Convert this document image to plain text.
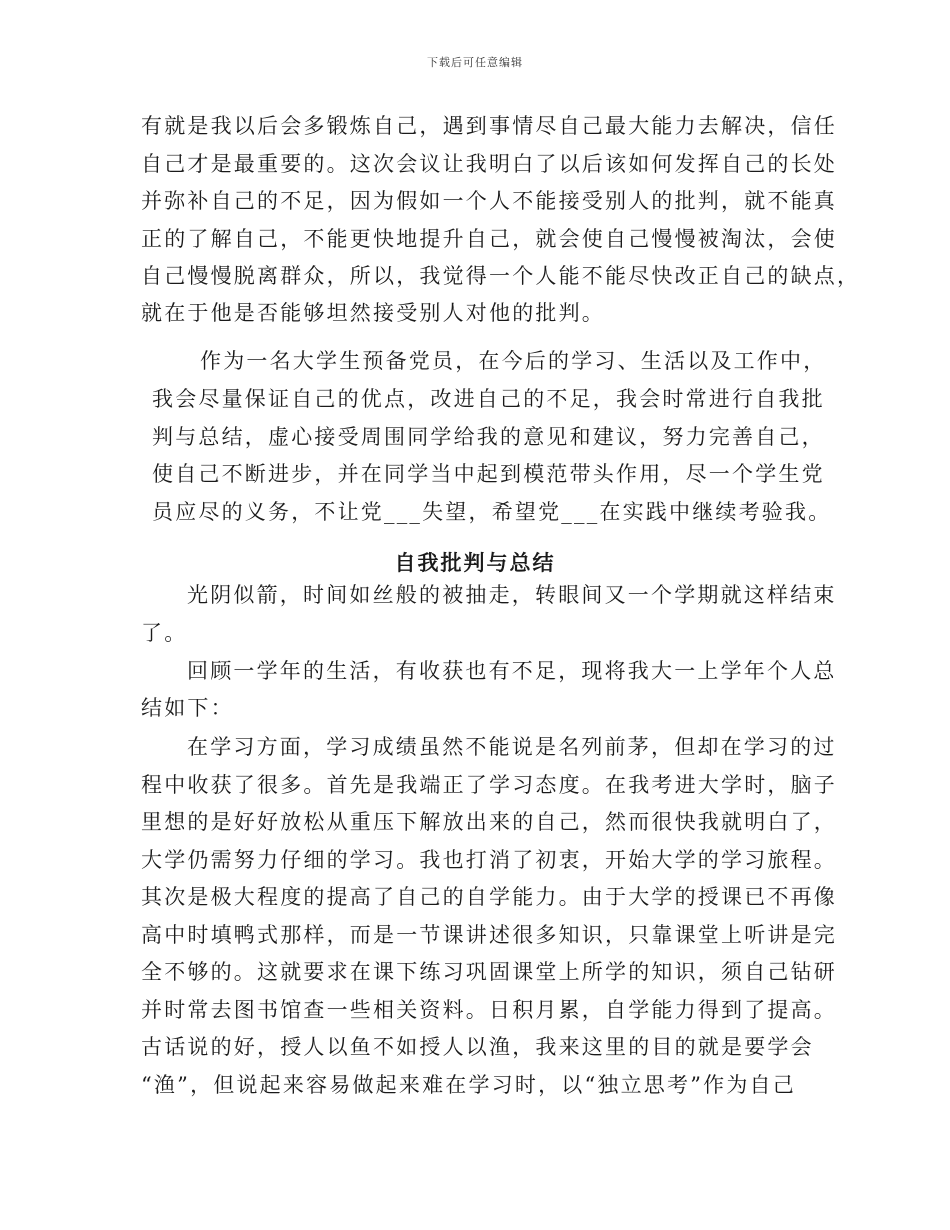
下载后可任意编辑
有就是我以后会多锻炼自己，遇到事情尽自己最大能力去解决，信任
自己才是最重要的。这次会议让我明白了以后该如何发挥自己的长处
并弥补自己的不足，因为假如一个人不能接受别人的批判，就不能真
正的了解自己，不能更快地提升自己，就会使自己慢慢被淘汰，会使
自己慢慢脱离群众，所以，我觉得一个人能不能尽快改正自己的缺点，
就在于他是否能够坦然接受别人对他的批判。
作为一名大学生预备党员，在今后的学习、生活以及工作中，
我会尽量保证自己的优点，改进自己的不足，我会时常进行自我批
判与总结，虚心接受周围同学给我的意见和建议，努力完善自己，
使自己不断进步，并在同学当中起到模范带头作用，尽一个学生党
员应尽的义务，不让党___失望，希望党___在实践中继续考验我。
自我批判与总结
光阴似箭，时间如丝般的被抽走，转眼间又一个学期就这样结束
了。
回顾一学年的生活，有收获也有不足，现将我大一上学年个人总
结如下：
在学习方面，学习成绩虽然不能说是名列前茅，但却在学习的过
程中收获了很多。首先是我端正了学习态度。在我考进大学时，脑子
里想的是好好放松从重压下解放出来的自己，然而很快我就明白了，
大学仍需努力仔细的学习。我也打消了初衷，开始大学的学习旅程。
其次是极大程度的提高了自己的自学能力。由于大学的授课已不再像
高中时填鸭式那样，而是一节课讲述很多知识，只靠课堂上听讲是完
全不够的。这就要求在课下练习巩固课堂上所学的知识，须自己钻研
并时常去图书馆查一些相关资料。日积月累，自学能力得到了提高。
古话说的好，授人以鱼不如授人以渔，我来这里的目的就是要学会
“渔”，但说起来容易做起来难在学习时，以“独立思考”作为自己
